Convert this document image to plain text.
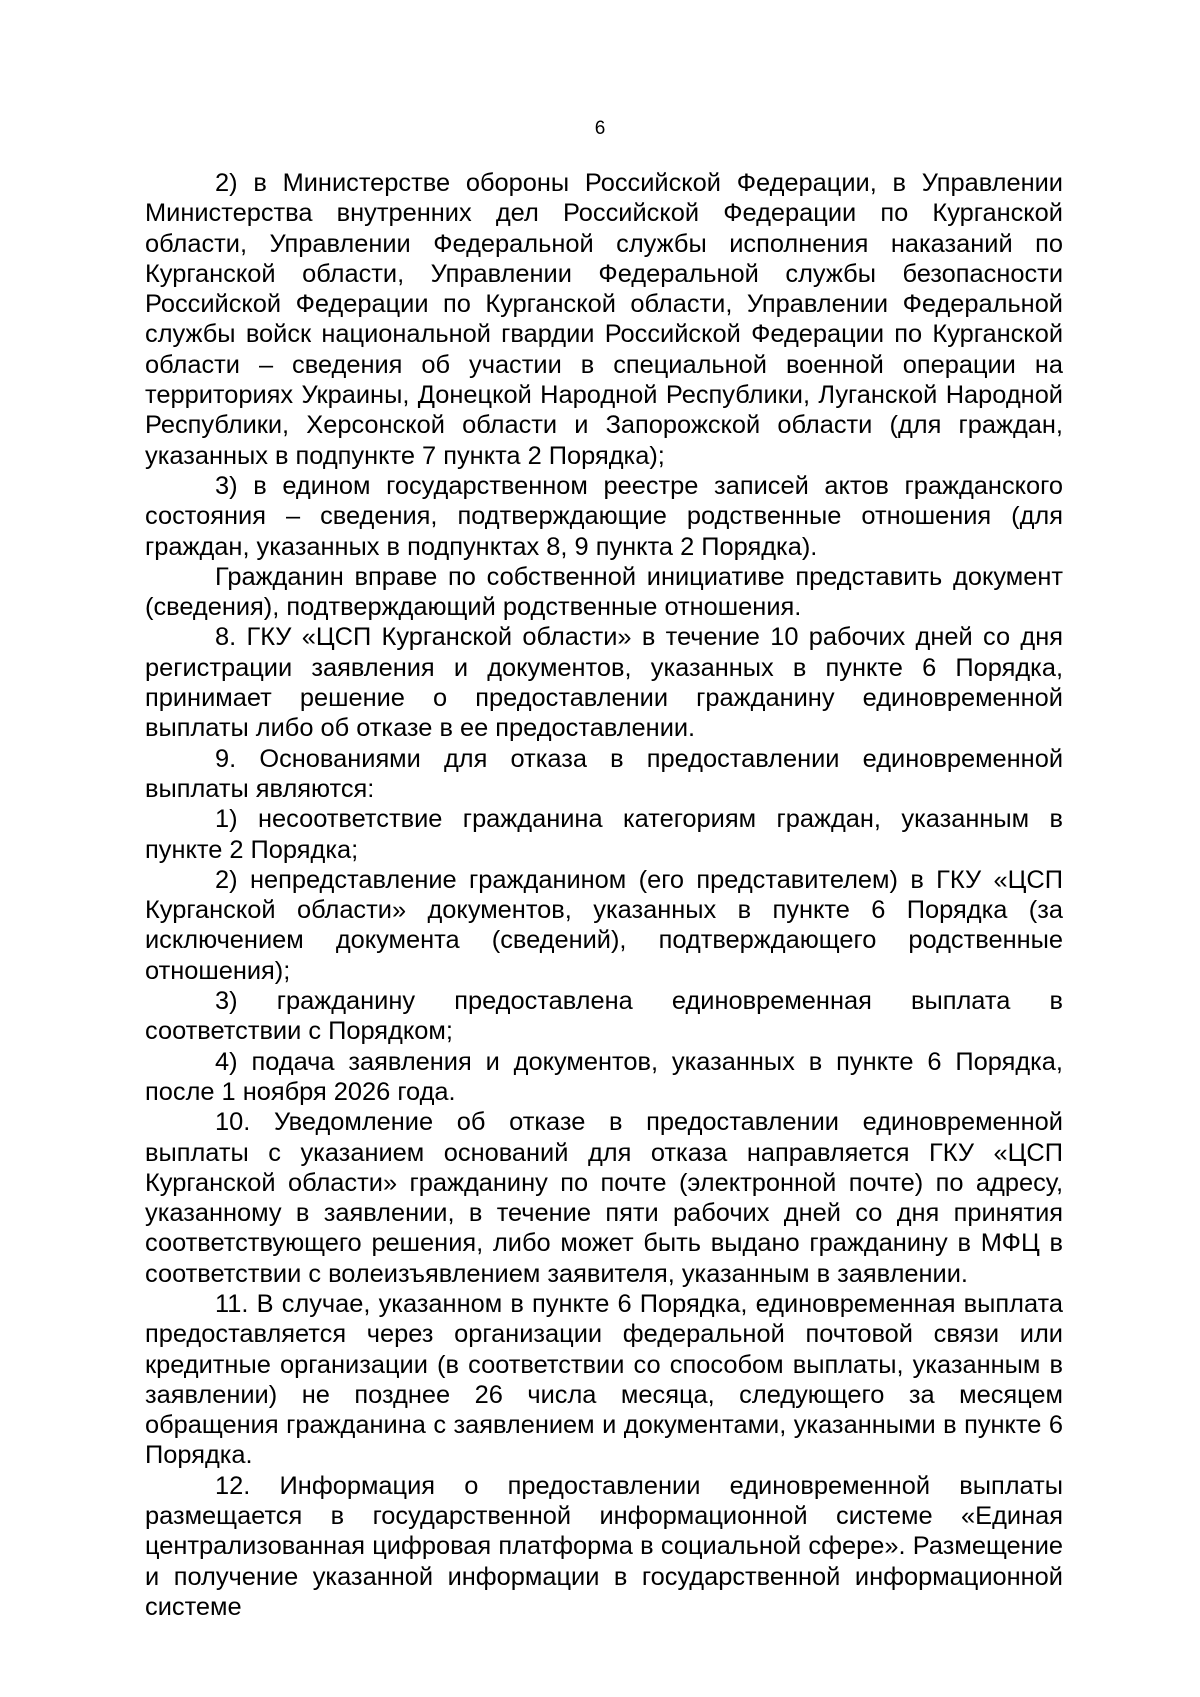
6

2) в Министерстве обороны Российской Федерации, в Управлении Министерства внутренних дел Российской Федерации по Курганской области, Управлении Федеральной службы исполнения наказаний по Курганской области, Управлении Федеральной службы безопасности Российской Федерации по Курганской области, Управлении Федеральной службы войск национальной гвардии Российской Федерации по Курганской области – сведения об участии в специальной военной операции на территориях Украины, Донецкой Народной Республики, Луганской Народной Республики, Херсонской области и Запорожской области (для граждан, указанных в подпункте 7 пункта 2 Порядка);

3) в едином государственном реестре записей актов гражданского состояния – сведения, подтверждающие родственные отношения (для граждан, указанных в подпунктах 8, 9 пункта 2 Порядка).

Гражданин вправе по собственной инициативе представить документ (сведения), подтверждающий родственные отношения.

8. ГКУ «ЦСП Курганской области» в течение 10 рабочих дней со дня регистрации заявления и документов, указанных в пункте 6 Порядка, принимает решение о предоставлении гражданину единовременной выплаты либо об отказе в ее предоставлении.

9. Основаниями для отказа в предоставлении единовременной выплаты являются:

1) несоответствие гражданина категориям граждан, указанным в пункте 2 Порядка;

2) непредставление гражданином (его представителем) в ГКУ «ЦСП Курганской области» документов, указанных в пункте 6 Порядка (за исключением документа (сведений), подтверждающего родственные отношения);

3) гражданину предоставлена единовременная выплата в соответствии с Порядком;

4) подача заявления и документов, указанных в пункте 6 Порядка, после 1 ноября 2026 года.

10. Уведомление об отказе в предоставлении единовременной выплаты с указанием оснований для отказа направляется ГКУ «ЦСП Курганской области» гражданину по почте (электронной почте) по адресу, указанному в заявлении, в течение пяти рабочих дней со дня принятия соответствующего решения, либо может быть выдано гражданину в МФЦ в соответствии с волеизъявлением заявителя, указанным в заявлении.

11. В случае, указанном в пункте 6 Порядка, единовременная выплата предоставляется через организации федеральной почтовой связи или кредитные организации (в соответствии со способом выплаты, указанным в заявлении) не позднее 26 числа месяца, следующего за месяцем обращения гражданина с заявлением и документами, указанными в пункте 6 Порядка.

12. Информация о предоставлении единовременной выплаты размещается в государственной информационной системе «Единая централизованная цифровая платформа в социальной сфере». Размещение и получение указанной информации в государственной информационной системе
